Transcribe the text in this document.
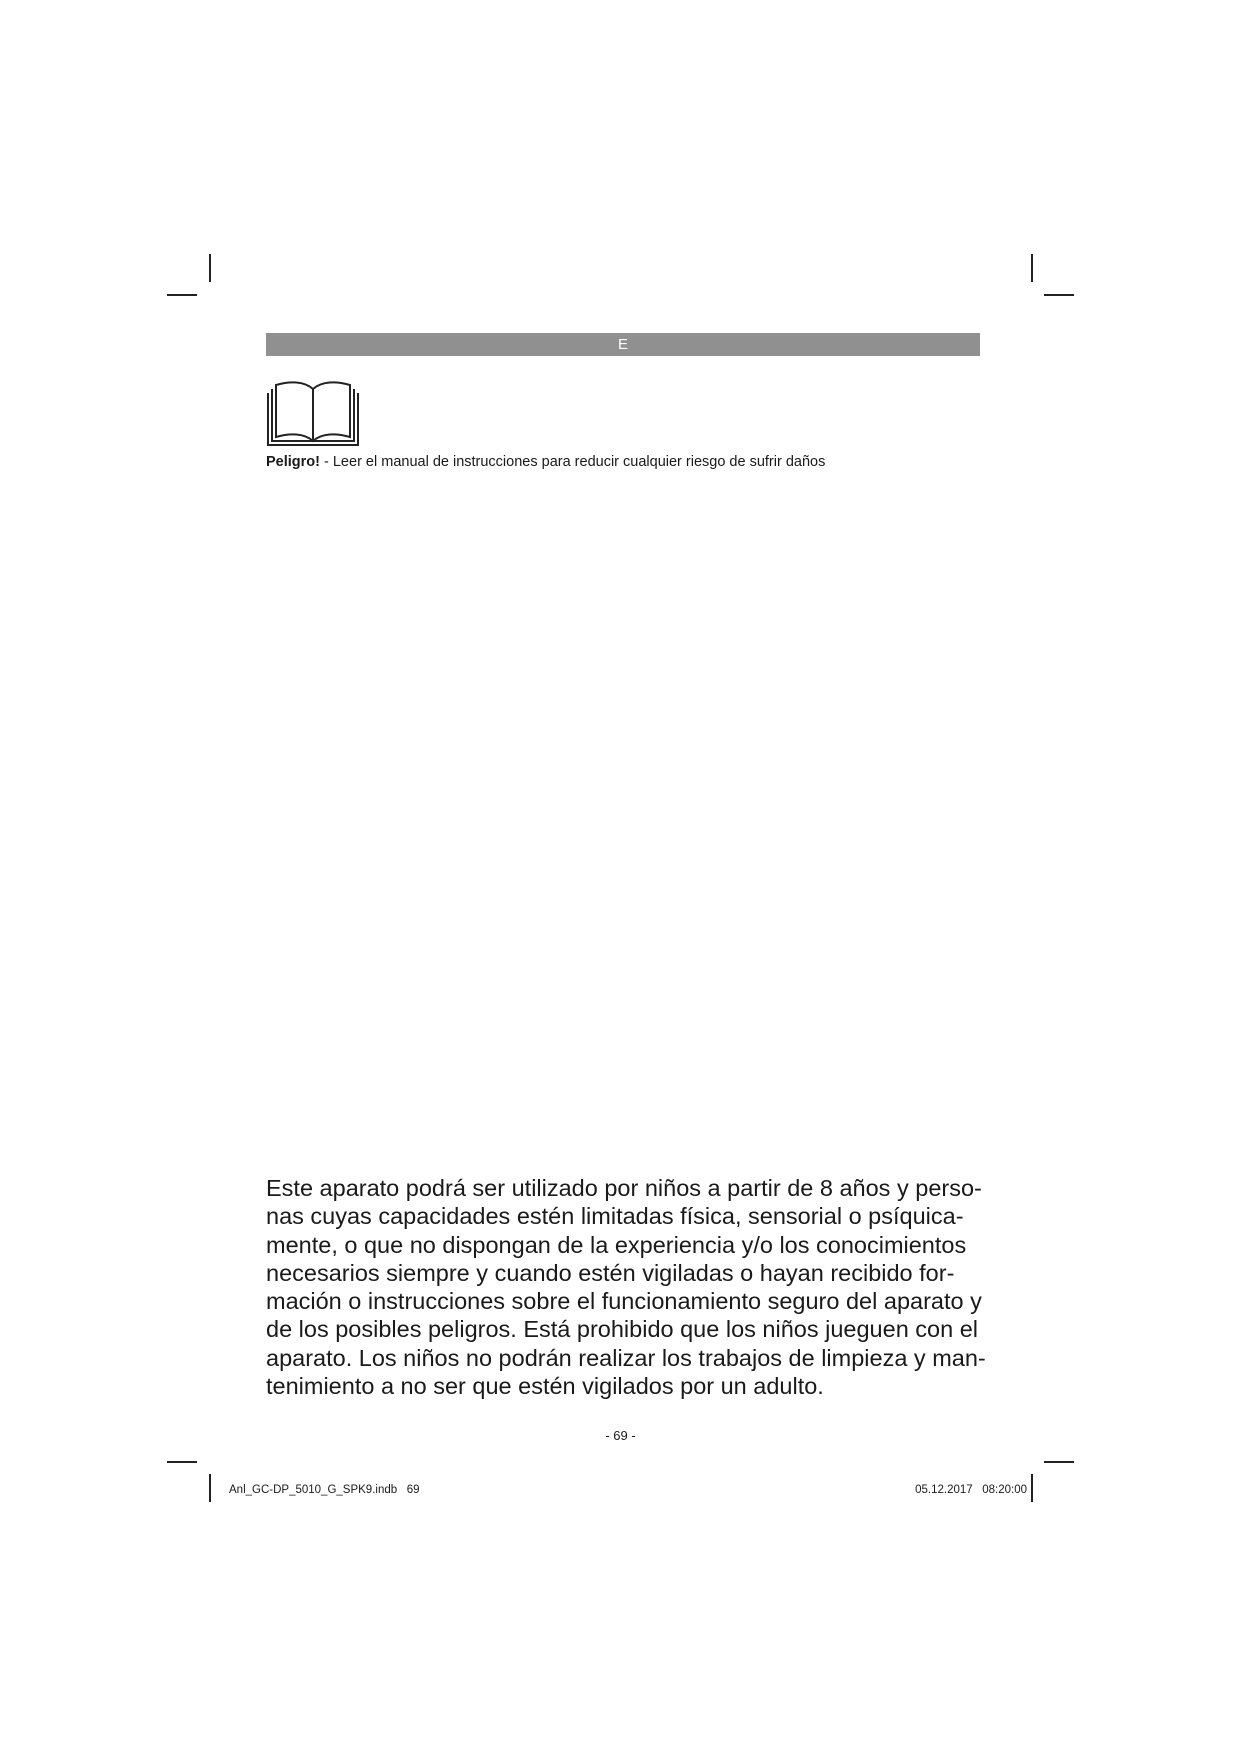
E
Peligro! - Leer el manual de instrucciones para reducir cualquier riesgo de sufrir daños

Este aparato podrá ser utilizado por niños a partir de 8 años y perso-
nas cuyas capacidades estén limitadas física, sensorial o psíquica-
mente, o que no dispongan de la experiencia y/o los conocimientos
necesarios siempre y cuando estén vigiladas o hayan recibido for-
mación o instrucciones sobre el funcionamiento seguro del aparato y
de los posibles peligros. Está prohibido que los niños jueguen con el
aparato. Los niños no podrán realizar los trabajos de limpieza y man-
tenimiento a no ser que estén vigilados por un adulto.

- 69 -
Anl_GC-DP_5010_G_SPK9.indb   69	05.12.2017   08:20:00
